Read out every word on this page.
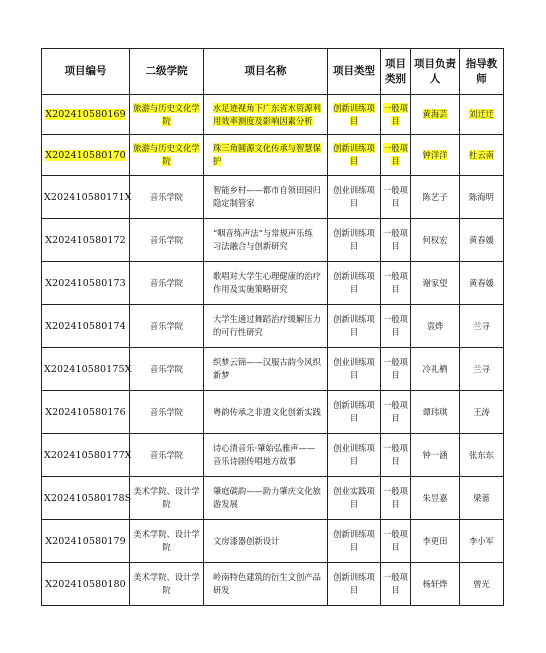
项目编号	二级学院	项目名称	项目类型	项目类别	项目负责人	指导教师
X202410580169	旅游与历史文化学院	水足迹视角下广东省水资源利用效率测度及影响因素分析	创新训练项目	一般项目	黄海芸	刘迁迁
X202410580170	旅游与历史文化学院	珠三角圆源文化传承与智慧保护	创新训练项目	一般项目	钟洋洋	杜云南
X202410580171X	音乐学院	智能乡村——都市自领田园归隐定制管家	创业训练项目	一般项目	陈艺子	陈海明
X202410580172	音乐学院	“咽音练声法”与常规声乐练习法融合与创新研究	创新训练项目	一般项目	何权宏	黄春媛
X202410580173	音乐学院	歌唱对大学生心理健康的治疗作用及实施策略研究	创新训练项目	一般项目	谢家望	黄春媛
X202410580174	音乐学院	大学生通过舞蹈治疗缓解压力的可行性研究	创新训练项目	一般项目	袁烨	兰寻
X202410580175X	音乐学院	织梦云锦——汉服古韵今风织新梦	创业训练项目	一般项目	冷礼栖	兰寻
X202410580176	音乐学院	粤韵传承之非遗文化创新实践	创新训练项目	一般项目	谭玮琪	王涛
X202410580177X	音乐学院	诗心清音乐·肇始弘雅声——音乐诗剧传唱地方故事	创业训练项目	一般项目	钟一涵	张东东
X202410580178S	美术学院、设计学院	肇庭碳韵——助力肇庆文化旅游发展	创业实践项目	一般项目	朱昱嘉	梁蔷
X202410580179	美术学院、设计学院	文房漆器创新设计	创新训练项目	一般项目	李更田	李小军
X202410580180	美术学院、设计学院	岭南特色建筑的衍生文创产品研发	创新训练项目	一般项目	杨轩烨	曾光
